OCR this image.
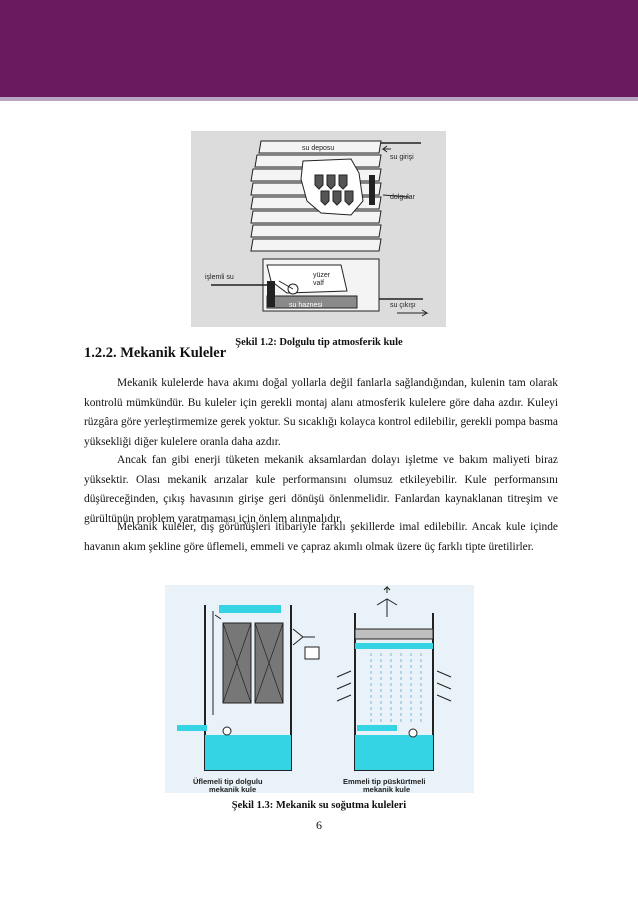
su deposu
su girişi
dolgular
işlemli su	yüzer
valf
su haznesi	su çıkışı
Şekil 1.2: Dolgulu tip atmosferik kule
1.2.2. Mekanik Kuleler

Mekanik kulelerde hava akımı doğal yollarla değil fanlarla sağlandığından, kulenin tam olarak kontrolü mümkündür. Bu kuleler için gerekli montaj alanı atmosferik kulelere göre daha azdır. Kuleyi rüzgâra göre yerleştirmemize gerek yoktur. Su sıcaklığı kolayca kontrol edilebilir, gerekli pompa basma yüksekliği diğer kulelere oranla daha azdır.

Ancak fan gibi enerji tüketen mekanik aksamlardan dolayı işletme ve bakım maliyeti biraz yüksektir. Olası mekanik arızalar kule performansını olumsuz etkileyebilir. Kule performansını düşüreceğinden, çıkış havasının girişe geri dönüşü önlenmelidir. Fanlardan kaynaklanan titreşim ve gürültünün problem yaratmaması için önlem alınmalıdır.

Mekanik kuleler, dış görünüşleri itibariyle farklı şekillerde imal edilebilir. Ancak kule içinde havanın akım şekline göre üflemeli, emmeli ve çapraz akımlı olmak üzere üç farklı tipte üretilirler.

Üflemeli tip dolgulu
mekanik kule
Emmeli tip püskürtmeli
mekanik kule
Şekil 1.3: Mekanik su soğutma kuleleri
6
